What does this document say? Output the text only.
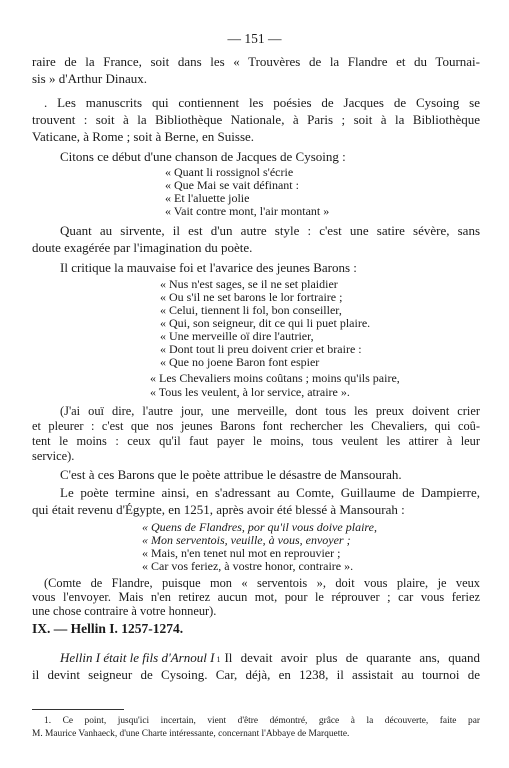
— 151 —
raire de la France, soit dans les « Trouvères de la Flandre et du Tournai-
sis » d'Arthur Dinaux.
. Les manuscrits qui contiennent les poésies de Jacques de Cysoing se
trouvent : soit à la Bibliothèque Nationale, à Paris ; soit à la Bibliothèque
Vaticane, à Rome ; soit à Berne, en Suisse.
Citons ce début d'une chanson de Jacques de Cysoing :
« Quant li rossignol s'écrie
« Que Mai se vait définant :
« Et l'aluette jolie
« Vait contre mont, l'air montant »
Quant au sirvente, il est d'un autre style : c'est une satire sévère, sans
doute exagérée par l'imagination du poète.
Il critique la mauvaise foi et l'avarice des jeunes Barons :
« Nus n'est sages, se il ne set plaidier
« Ou s'il ne set barons le lor fortraire ;
« Celui, tiennent li fol, bon conseiller,
« Qui, son seigneur, dit ce qui li puet plaire.
« Une merveille oï dire l'autrier,
« Dont tout li preu doivent crier et braire :
« Que no joene Baron font espier
« Les Chevaliers moins coûtans ; moins qu'ils paire,
« Tous les veulent, à lor service, atraire ».
(J'ai ouï dire, l'autre jour, une merveille, dont tous les preux doivent crier
et pleurer : c'est que nos jeunes Barons font rechercher les Chevaliers, qui coû-
tent le moins : ceux qu'il faut payer le moins, tous veulent les attirer à leur
service).
C'est à ces Barons que le poète attribue le désastre de Mansourah.
Le poète termine ainsi, en s'adressant au Comte, Guillaume de Dampierre,
qui était revenu d'Égypte, en 1251, après avoir été blessé à Mansourah :
« Quens de Flandres, por qu'il vous doive plaire,
« Mon serventois, veuille, à vous, envoyer ;
« Mais, n'en tenet nul mot en reprouvier ;
« Car vos feriez, à vostre honor, contraire ».
(Comte de Flandre, puisque mon « serventois », doit vous plaire, je veux
vous l'envoyer. Mais n'en retirez aucun mot, pour le réprouver ; car vous feriez
une chose contraire à votre honneur).
IX. — Hellin I. 1257-1274.
Hellin I était le fils d'Arnoul I 1 Il devait avoir plus de quarante ans, quand
il devint seigneur de Cysoing. Car, déjà, en 1238, il assistait au tournoi de
1. Ce point, jusqu'ici incertain, vient d'être démontré, grâce à la découverte, faite par
M. Maurice Vanhaeck, d'une Charte intéressante, concernant l'Abbaye de Marquette.
